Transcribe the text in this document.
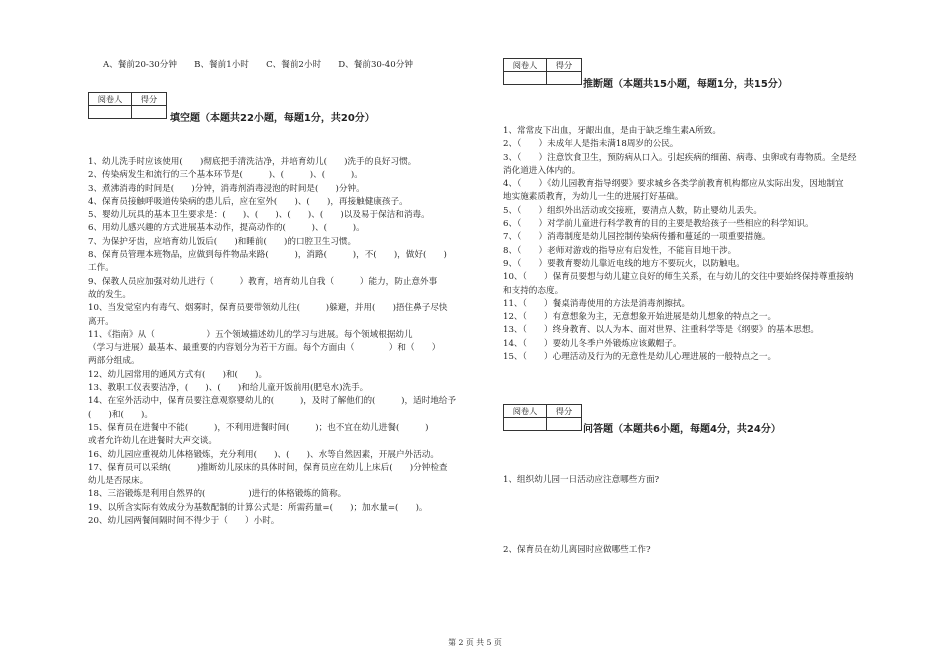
A、餐前20-30分钟　　B、餐前1小时　　C、餐前2小时　　D、餐前30-40分钟
阅卷人	得分

填空题（本题共22小题，每题1分，共20分）
1、幼儿洗手时应该使用(　　)彻底把手清洗洁净，并培育幼儿(　　)洗手的良好习惯。
2、传染病发生和流行的三个基本环节是(　　　)、(　　　)、(　　　)。
3、煮沸消毒的时间是(　　)分钟，消毒剂消毒浸泡的时间是(　　)分钟。
4、保育员接触呼吸道传染病的患儿后，应在室外(　　)、(　　)，再接触健康孩子。
5、婴幼儿玩具的基本卫生要求是：(　　)、(　　)、(　　)、(　　)以及易于保洁和消毒。
6、用幼儿感兴趣的方式进展基本动作，提高动作的(　　　)、(　　　)。
7、为保护牙齿，应培育幼儿饭后(　　)和睡前(　　)的口腔卫生习惯。
8、保育员管理本班物品，应做到每件物品来路(　　　)，消路(　　　)，不(　　)，做好(　　)
工作。
9、保教人员应加强对幼儿进行（　　　）教育，培育幼儿自我（　　　）能力，防止意外事
故的发生。
10、当发觉室内有毒气、烟雾时，保育员要带领幼儿往(　　　)躲避，并用(　　)捂住鼻子尽快
离开。
11、《指南》从（　　　　　　）五个领域描述幼儿的学习与进展。每个领域根据幼儿
（学习与进展）最基本、最重要的内容划分为若干方面。每个方面由（　　　　）和（　　）
两部分组成。
12、幼儿园常用的通风方式有(　　)和(　　)。
13、教职工仪表要洁净，(　　)、(　　)和给儿童开饭前用(肥皂水)洗手。
14、在室外活动中，保育员要注意观察婴幼儿的(　　　)，及时了解他们的(　　　)，适时地给予
(　　)和(　　)。
15、保育员在进餐中不能(　　　)，不利用进餐时间(　　　)；也不宜在幼儿进餐(　　　)
或者允许幼儿在进餐时大声交谈。
16、幼儿园应重视幼儿体格锻炼，充分利用(　　)、(　　)、水等自然因素，开展户外活动。
17、保育员可以采纳(　　　)推断幼儿尿床的具体时间，保育员应在幼儿上床后(　　)分钟检查
幼儿是否尿床。
18、三浴锻炼是利用自然界的(　　　　　)进行的体格锻炼的简称。
19、以所含实际有效成分为基数配制的计算公式是：所需药量=(　　)；加水量=(　　)。
20、幼儿园两餐间隔时间不得少于（　　）小时。
阅卷人	得分

推断题（本题共15小题，每题1分，共15分）
1、常常皮下出血，牙龈出血，是由于缺乏维生素A所致。
2、（　　）未成年人是指未满18周岁的公民。
3、（　　）注意饮食卫生，预防病从口入。引起疾病的细菌、病毒、虫卵或有毒物质。全是经
消化道进入体内的。
4、（　　）《幼儿园教育指导纲要》要求城乡各类学前教育机构都应从实际出发，因地制宜
地实施素质教育，为幼儿一生的进展打好基础。
5、（　　）组织外出活动或交接班，要清点人数，防止婴幼儿丢失。
6、（　　）对学前儿童进行科学教育的目的主要是教给孩子一些相应的科学知识。
7、（　　）消毒制度是幼儿园控制传染病传播和蔓延的一项重要措施。
8、（　　）老师对游戏的指导应有启发性，不能盲目地干涉。
9、（　　）要教育婴幼儿靠近电线的地方不要玩火，以防触电。
10、（　　）保育员要想与幼儿建立良好的师生关系，在与幼儿的交往中要始终保持尊重接纳
和支持的态度。
11、（　　）餐桌消毒使用的方法是消毒剂擦拭。
12、（　　）有意想象为主，无意想象开始进展是幼儿想象的特点之一。
13、（　　）终身教育、以人为本、面对世界、注重科学等是《纲要》的基本思想。
14、（　　）要幼儿冬季户外锻炼应该戴帽子。
15、（　　）心理活动及行为的无意性是幼儿心理进展的一般特点之一。
阅卷人	得分

问答题（本题共6小题，每题4分，共24分）
1、组织幼儿园一日活动应注意哪些方面?
2、保育员在幼儿离园时应做哪些工作?
第 2 页 共 5 页
